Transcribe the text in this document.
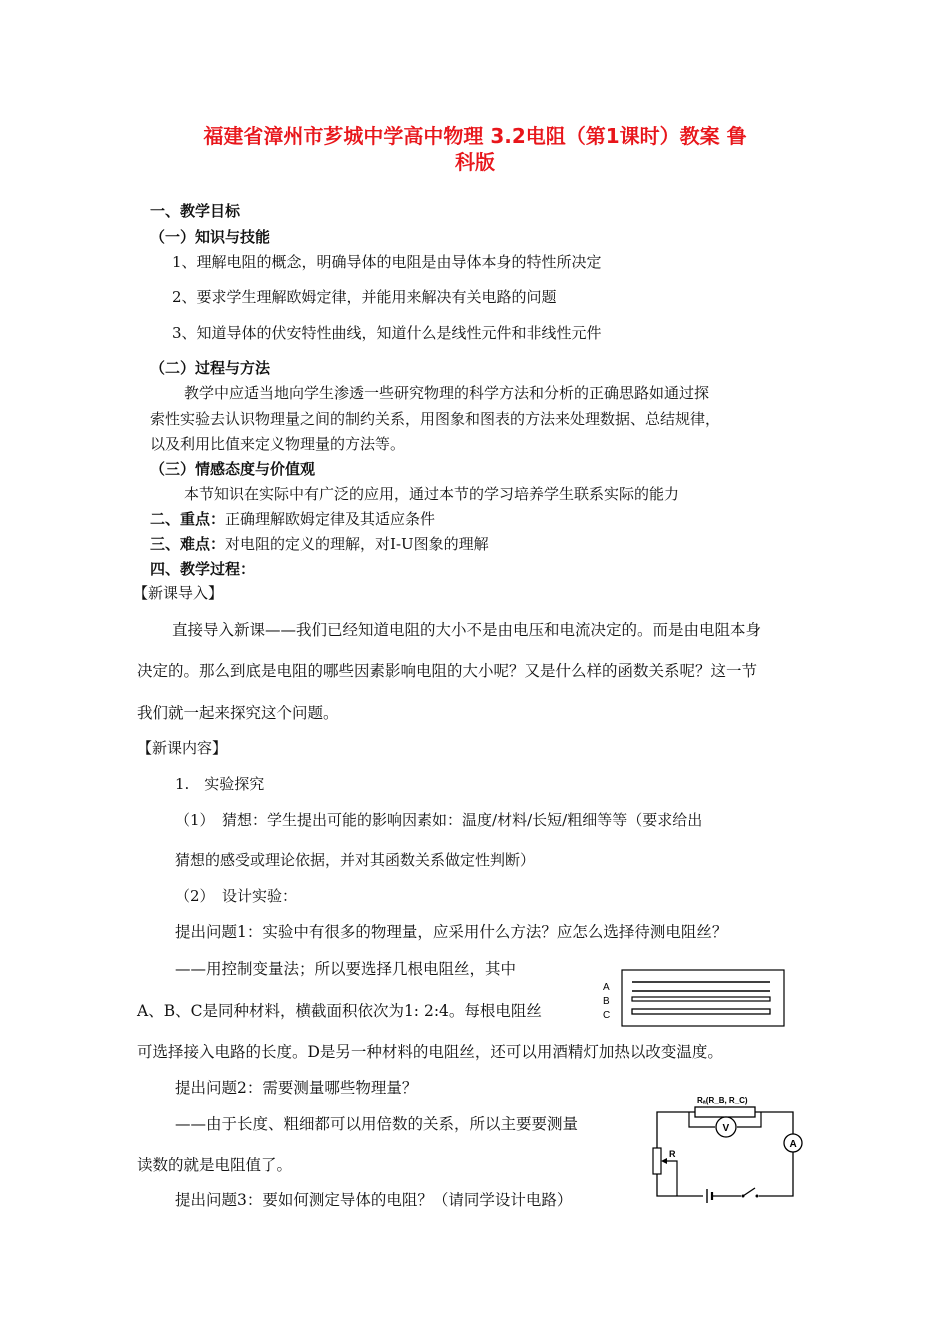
福建省漳州市芗城中学高中物理 3.2电阻（第1课时）教案 鲁
科版
一、教学目标
（一）知识与技能
1、理解电阻的概念，明确导体的电阻是由导体本身的特性所决定
2、要求学生理解欧姆定律，并能用来解决有关电路的问题
3、知道导体的伏安特性曲线，知道什么是线性元件和非线性元件
（二）过程与方法
教学中应适当地向学生渗透一些研究物理的科学方法和分析的正确思路如通过探
索性实验去认识物理量之间的制约关系，用图象和图表的方法来处理数据、总结规律，
以及利用比值来定义物理量的方法等。
（三）情感态度与价值观
本节知识在实际中有广泛的应用，通过本节的学习培养学生联系实际的能力
二、重点：正确理解欧姆定律及其适应条件
三、难点：对电阻的定义的理解，对I-U图象的理解
四、教学过程：
【新课导入】
直接导入新课——我们已经知道电阻的大小不是由电压和电流决定的。而是由电阻本身
决定的。那么到底是电阻的哪些因素影响电阻的大小呢？又是什么样的函数关系呢？这一节
我们就一起来探究这个问题。
【新课内容】
1.　实验探究
（1）　猜想：学生提出可能的影响因素如：温度/材料/长短/粗细等等（要求给出
猜想的感受或理论依据，并对其函数关系做定性判断）
（2）　设计实验：
提出问题1：实验中有很多的物理量，应采用什么方法？应怎么选择待测电阻丝？
——用控制变量法；所以要选择几根电阻丝，其中
A、B、C是同种材料，横截面积依次为1: 2:4。每根电阻丝
可选择接入电路的长度。D是另一种材料的电阻丝，还可以用酒精灯加热以改变温度。
提出问题2：需要测量哪些物理量？
——由于长度、粗细都可以用倍数的关系，所以主要要测量
读数的就是电阻值了。
提出问题3：要如何测定导体的电阻？（请同学设计电路）
A
B
C
Rₐ(R_B, R_C)
V
A
R
